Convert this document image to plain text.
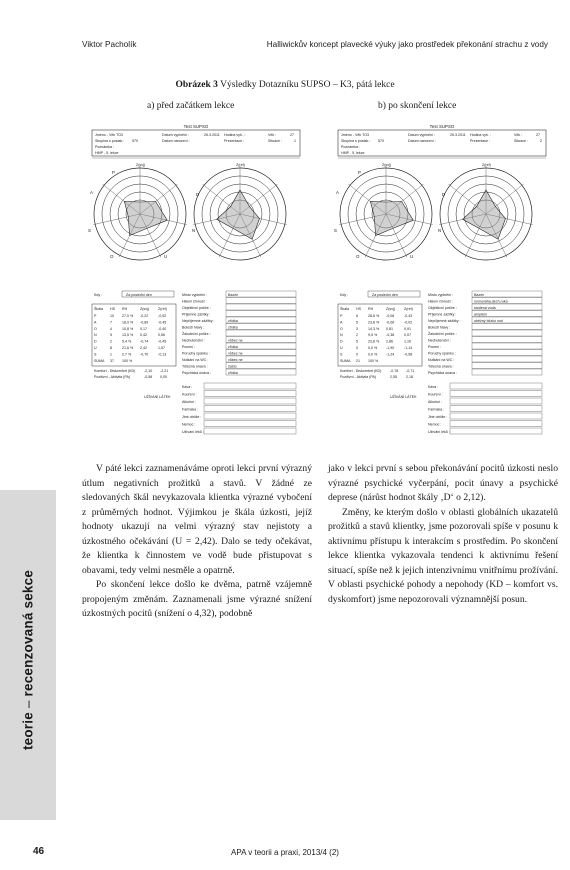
Viktor Pacholík	Halliwickův koncept plavecké výuky jako prostředek překonání strachu z vody
Obrázek 3 Výsledky Dotazníku SUPSO – K3, pátá lekce
a) před začátkem lekce	b) po skončení lekce
Test SUPSO
Jméno - Věk TO3
Skupina s poslak.: 570
Poznámka :
HMP - 5. lekce
Datum vyplnění :	26.3.2011
Datum narození :
Hodina vyš. :
Prezentace :
Věk :	27
Situace :	1
Z(svj)	Z(ref)
P
A
S
O	U
N
D
Kdy :	Za poslední den
Škála HS RH	Z(svj)	Z(ref)
P	10 27,0 % -0,22	-0,52
A	7	18,9 % -0,89	-0,45
O	4	10,8 % 0,17	-0,40
N	5	13,5 % 0,42	0,56
D	2	5,4 % -0,74	-0,45
U	8	21,6 % 2,42	1,57
S	1	2,7 % -0,70	-0,13
SUMA 37 100 %
Komfort - Diskomfort (KD) -2,10 -2,21
Pozitivní - Aktivita (PA)	-0,58 0,00
UŽÍVÁNÍ LÁTEK
Místo vyplnění :	Bazén
Hlavní činnost :
Objektivní potíže :
Příjemné zážitky :
Nepříjemné zážitky :	zřídka
Bolesti hlavy :	zřídka
Žaludeční potíže :
Nechutenství :	vůbec ne
Pocení :	zřídka
Poruchy spánku :	vůbec ne
Nutkání na WC :	vůbec ne
Tělesná únava :	často
Psychická únava :	zřídka
Káva :
Kouření :
Alkohol :
Farmaka :
Jiné obtíže :
Nemoc :
Užívání léků :
Test SUPSO
Jméno - Věk TO3
Skupina s poslak.: 570
Poznámka :
HMP - 5. lekce
Datum vyplnění :	26.3.2011
Datum narození :
Hodina vyš. :
Prezentace :
Věk :	27
Situace :	2
Z(svj)	Z(ref)
P
A
S
O	U
N
D
Kdy :	Za poslední den
Škála HS RH	Z(svj)	Z(ref)
P	6	28,6 % -0,08	-0,43
A	5	23,8 % -0,06	-0,02
O	3	14,3 % 0,81	0,91
N	2	9,5 % -0,38	0,07
D	5	23,8 % 2,86	1,16
U	0	0,0 % -1,90	-1,14
S	0	0,0 % -1,24	-0,58
SUMA 21 100 %
Komfort - Diskomfort (KD) -0,78 -0,71
Pozitivní - Aktivita (PA)	2,55	2,18
UŽÍVÁNÍ LÁTEK
Místo vyplnění :	Bazén
Hlavní činnost :	rovnováha,dech,ruka
Objektivní potíže :	studená voda
Příjemné zážitky :	amplání
Nepříjemné zážitky :	oběžný blízko vod
Bolesti hlavy :
Žaludeční potíže :
Nechutenství :
Pocení :
Poruchy spánku :
Nutkání na WC :
Tělesná únava :
Psychická únava :
Káva :
Kouření :
Alkohol :
Farmaka :
Jiné obtíže :
Nemoc :
Užívání léků :

V páté lekci zaznamenáváme oproti lekci první výrazný útlum negativních prožitků a stavů. V žádné ze sledovaných škál nevykazovala klientka výrazné vybočení z průměrných hodnot. Výjimkou je škála úzkosti, jejíž hodnoty ukazují na velmi výrazný stav nejistoty a úzkostného očekávání (U = 2,42). Dalo se tedy očekávat, že klientka k činnostem ve vodě bude přistupovat s obavami, tedy velmi nesměle a opatrně.

Po skončení lekce došlo ke dvěma, patrně vzájemně propojeným změnám. Zaznamenali jsme výrazné snížení úzkostných pocitů (snížení o 4,32), podobně

jako v lekci první s sebou překonávání pocitů úzkosti neslo výrazné psychické vyčerpání, pocit únavy a psychické deprese (nárůst hodnot škály ‚D‘ o 2,12).

Změny, ke kterým došlo v oblasti globálních ukazatelů prožitků a stavů klientky, jsme pozorovali spíše v posunu k aktivnímu přístupu k interakcím s prostředím. Po skončení lekce klientka vykazovala tendenci k aktivnímu řešení situací, spíše než k jejich intenzivnímu vnitřnímu prožívání. V oblasti psychické pohody a nepohody (KD – komfort vs. dyskomfort) jsme nepozorovali významnější posun.

teorie – recenzovaná sekce
46	APA v teorii a praxi, 2013/4 (2)
